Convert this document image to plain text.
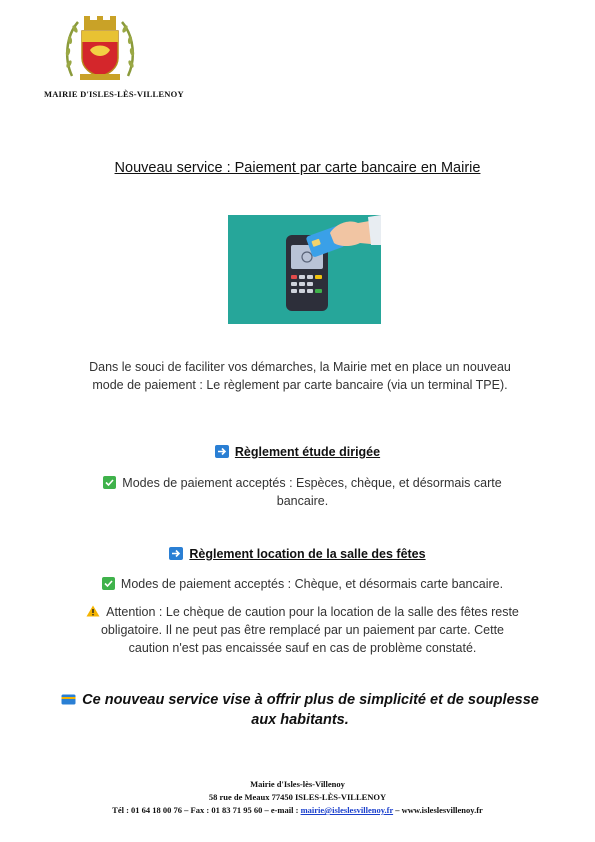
MAIRIE D'ISLES-LÈS-VILLENOY
Nouveau service : Paiement par carte bancaire en Mairie
Dans le souci de faciliter vos démarches, la Mairie met en place un nouveau mode de paiement : Le règlement par carte bancaire (via un terminal TPE).
Règlement étude dirigée
Modes de paiement acceptés : Espèces, chèque, et désormais carte bancaire.
Règlement location de la salle des fêtes
Modes de paiement acceptés : Chèque, et désormais carte bancaire.
Attention : Le chèque de caution pour la location de la salle des fêtes reste obligatoire. Il ne peut pas être remplacé par un paiement par carte. Cette caution n'est pas encaissée sauf en cas de problème constaté.
Ce nouveau service vise à offrir plus de simplicité et de souplesse aux habitants.
Mairie d'Isles-lès-Villenoy
58 rue de Meaux 77450 ISLES-LÈS-VILLENOY
Tél : 01 64 18 00 76 – Fax : 01 83 71 95 60 – e-mail : mairie@isleslesvillenoy.fr – www.isleslesvillenoy.fr
